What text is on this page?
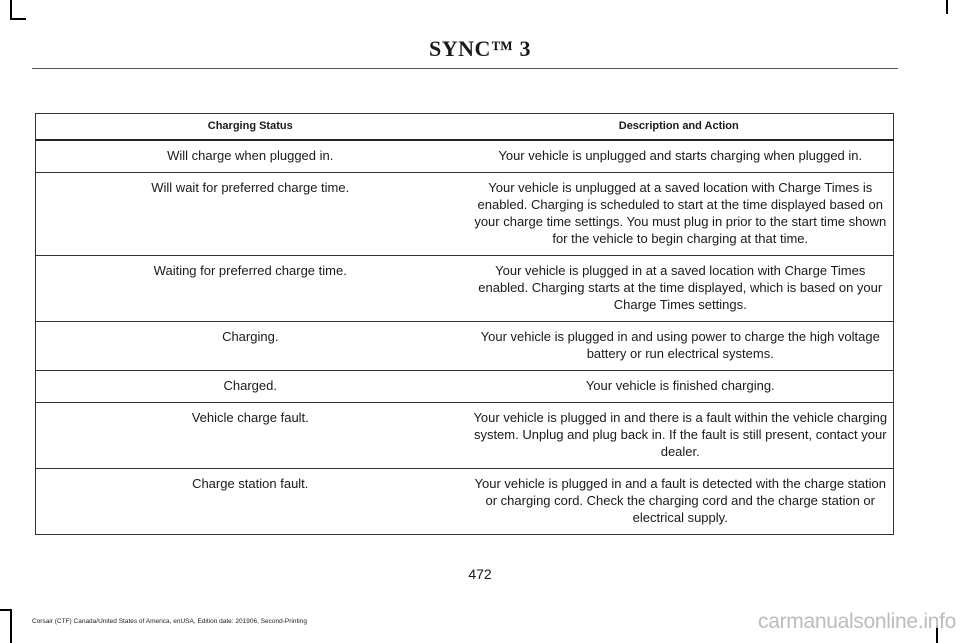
SYNC™ 3
Charging Status	Description and Action
Will charge when plugged in.	Your vehicle is unplugged and starts charging when plugged in.
Will wait for preferred charge time.	Your vehicle is unplugged at a saved location with Charge Times is enabled. Charging is scheduled to start at the time displayed based on your charge time settings. You must plug in prior to the start time shown for the vehicle to begin charging at that time.
Waiting for preferred charge time.	Your vehicle is plugged in at a saved location with Charge Times enabled. Charging starts at the time displayed, which is based on your Charge Times settings.
Charging.	Your vehicle is plugged in and using power to charge the high voltage battery or run electrical systems.
Charged.	Your vehicle is finished charging.
Vehicle charge fault.	Your vehicle is plugged in and there is a fault within the vehicle charging system. Unplug and plug back in. If the fault is still present, contact your dealer.
Charge station fault.	Your vehicle is plugged in and a fault is detected with the charge station or charging cord. Check the charging cord and the charge station or electrical supply.
472
Corsair (CTF) Canada/United States of America, enUSA, Edition date: 201906, Second-Printing	carmanualsonline.info
